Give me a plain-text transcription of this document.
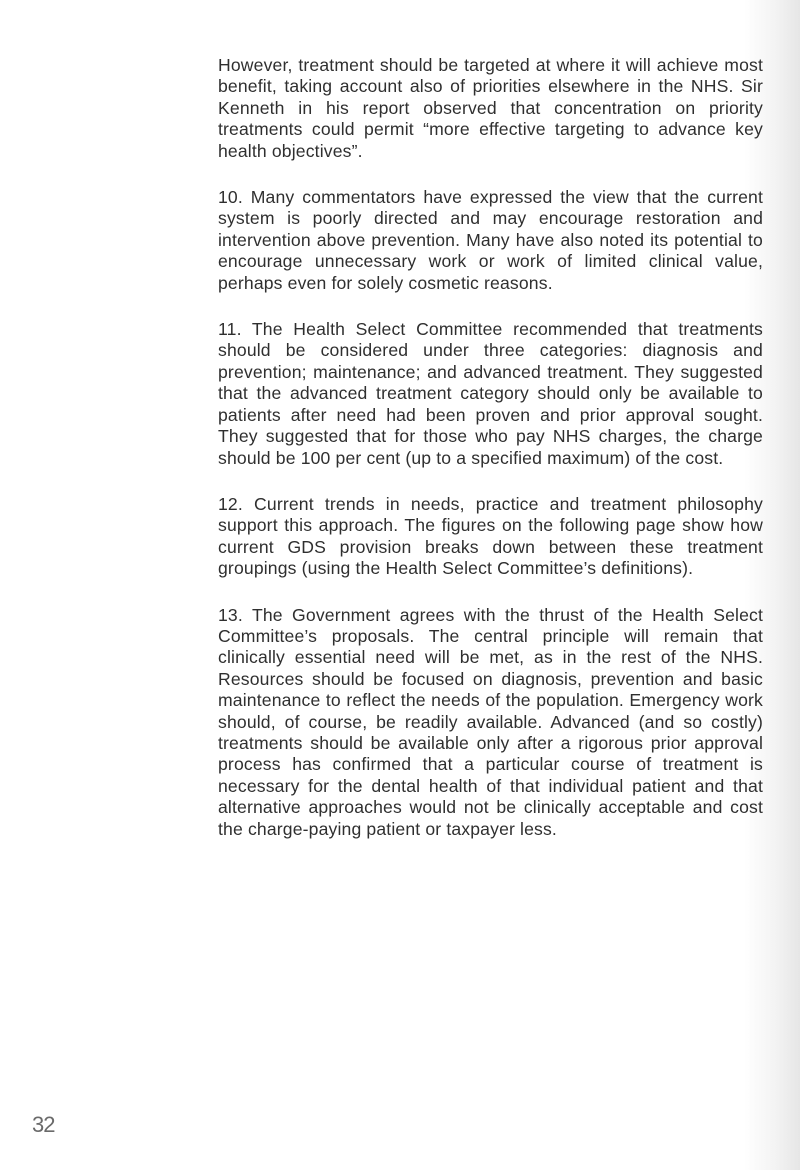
However, treatment should be targeted at where it will achieve most benefit, taking account also of priorities elsewhere in the NHS. Sir Kenneth in his report observed that concentration on priority treatments could permit “more effective targeting to advance key health objectives”.

10. Many commentators have expressed the view that the current system is poorly directed and may encourage restoration and intervention above prevention. Many have also noted its potential to encourage unnecessary work or work of limited clinical value, perhaps even for solely cosmetic reasons.

11. The Health Select Committee recommended that treatments should be considered under three categories: diagnosis and prevention; maintenance; and advanced treatment. They suggested that the advanced treatment category should only be available to patients after need had been proven and prior approval sought. They suggested that for those who pay NHS charges, the charge should be 100 per cent (up to a specified maximum) of the cost.

12. Current trends in needs, practice and treatment philosophy support this approach. The figures on the following page show how current GDS provision breaks down between these treatment groupings (using the Health Select Committee’s definitions).

13. The Government agrees with the thrust of the Health Select Committee’s proposals. The central principle will remain that clinically essential need will be met, as in the rest of the NHS. Resources should be focused on diagnosis, prevention and basic maintenance to reflect the needs of the population. Emergency work should, of course, be readily available. Advanced (and so costly) treatments should be available only after a rigorous prior approval process has confirmed that a particular course of treatment is necessary for the dental health of that individual patient and that alternative approaches would not be clinically acceptable and cost the charge-paying patient or taxpayer less.

32
